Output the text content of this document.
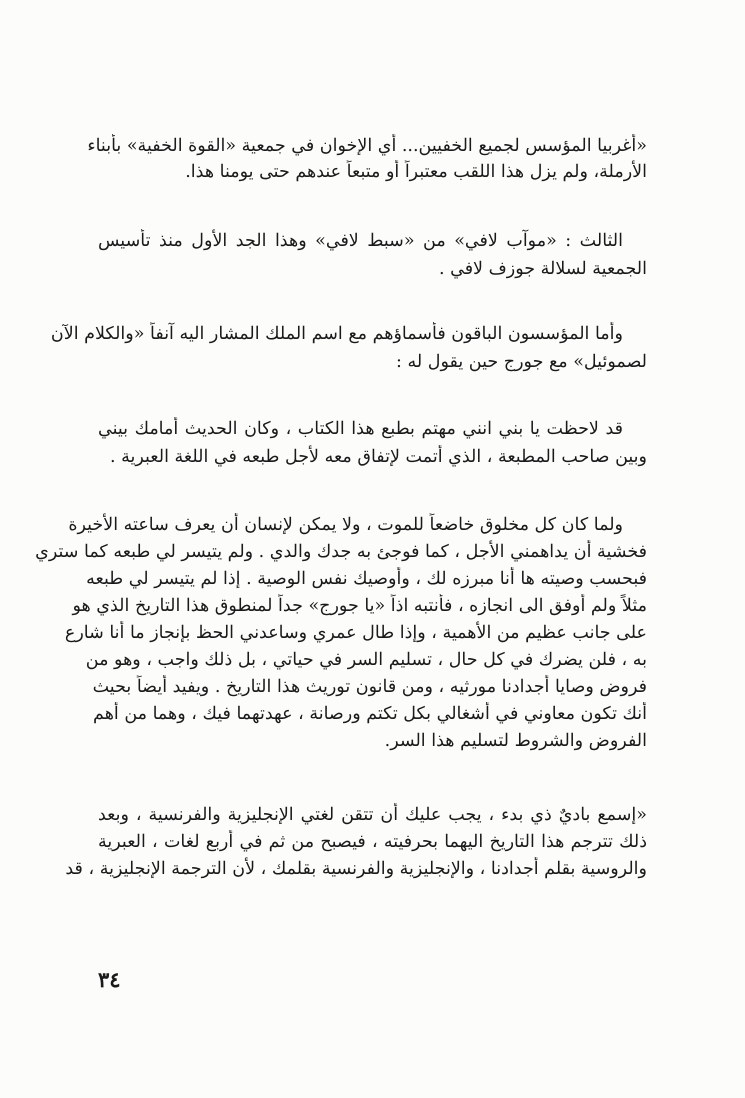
«أغربيا المؤسس لجميع الخفيين... أي الإخوان في جمعية «القوة الخفية» بأبناء
الأرملة، ولم يزل هذا اللقب معتبراً أو متبعاً عندهم حتى يومنا هذا.
الثالث : «موآب لافي» من «سبط لافي» وهذا الجد الأول منذ تأسيس
الجمعية لسلالة جوزف لافي .
وأما المؤسسون الباقون فأسماؤهم مع اسم الملك المشار اليه آنفاً «والكلام الآن
لصموئيل» مع جورج حين يقول له :
قد لاحظت يا بني انني مهتم بطبع هذا الكتاب ، وكان الحديث أمامك بيني
وبين صاحب المطبعة ، الذي أتمت لإتفاق معه لأجل طبعه في اللغة العبرية .
ولما كان كل مخلوق خاضعاً للموت ، ولا يمكن لإنسان أن يعرف ساعته الأخيرة
فخشية أن يداهمني الأجل ، كما فوجئ به جدك والدي . ولم يتيسر لي طبعه كما ستري
فبحسب وصيته ها أنا مبرزه لك ، وأوصيك نفس الوصية . إذا لم يتيسر لي طبعه
مثلاً ولم أوفق الى انجازه ، فأنتبه اذاً «يا جورج» جداً لمنطوق هذا التاريخ الذي هو
على جانب عظيم من الأهمية ، وإذا طال عمري وساعدني الحظ بإنجاز ما أنا شارع
به ، فلن يضرك في كل حال ، تسليم السر في حياتي ، بل ذلك واجب ، وهو من
فروض وصايا أجدادنا مورثيه ، ومن قانون توريث هذا التاريخ . ويفيد أيضاً بحيث
أنك تكون معاوني في أشغالي بكل تكتم ورصانة ، عهدتهما فيك ، وهما من أهم
الفروض والشروط لتسليم هذا السر.
«إسمع باديٌ ذي بدء ، يجب عليك أن تتقن لغتي الإنجليزية والفرنسية ، وبعد
ذلك تترجم هذا التاريخ اليهما بحرفيته ، فيصبح من ثم في أربع لغات ، العبرية
والروسية بقلم أجدادنا ، والإنجليزية والفرنسية بقلمك ، لأن الترجمة الإنجليزية ، قد
٣٤
